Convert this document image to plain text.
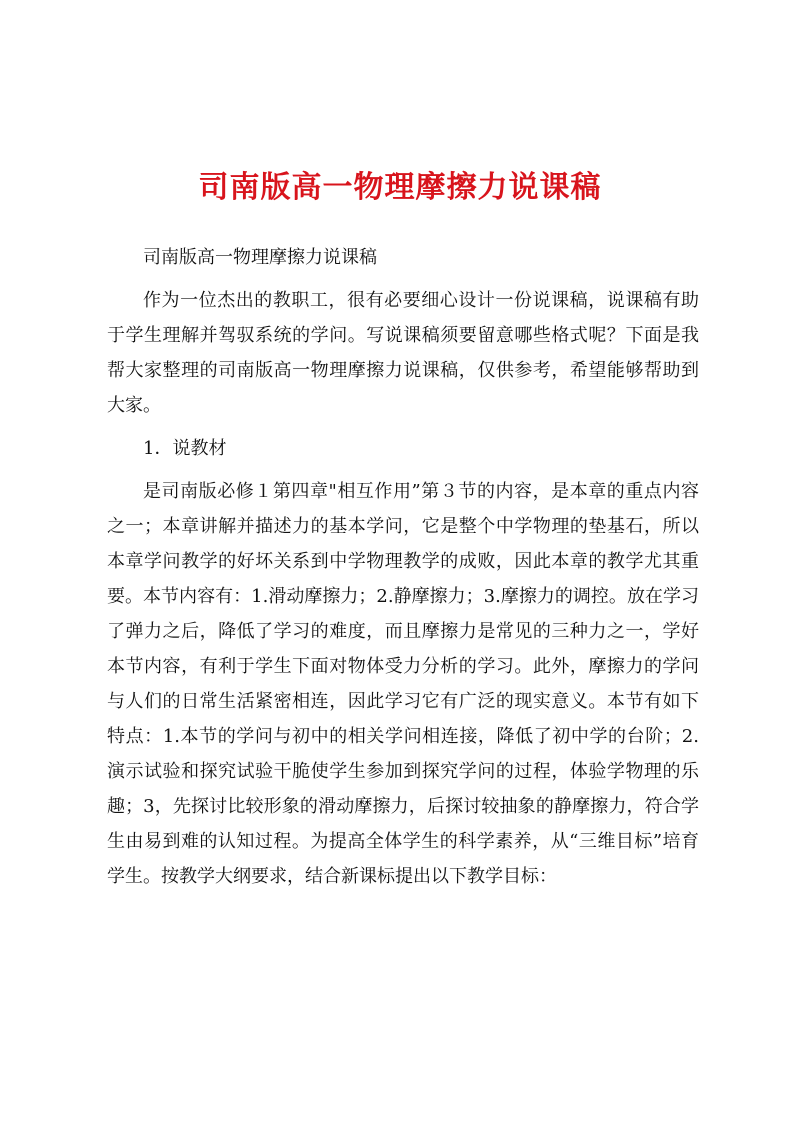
司南版高一物理摩擦力说课稿

司南版高一物理摩擦力说课稿

作为一位杰出的教职工，很有必要细心设计一份说课稿，说课稿有助于学生理解并驾驭系统的学问。写说课稿须要留意哪些格式呢？下面是我帮大家整理的司南版高一物理摩擦力说课稿，仅供参考，希望能够帮助到大家。

1．说教材

是司南版必修１第四章"相互作用”第３节的内容，是本章的重点内容之一；本章讲解并描述力的基本学问，它是整个中学物理的垫基石，所以本章学问教学的好坏关系到中学物理教学的成败，因此本章的教学尤其重要。本节内容有：1.滑动摩擦力；2.静摩擦力；3.摩擦力的调控。放在学习了弹力之后，降低了学习的难度，而且摩擦力是常见的三种力之一，学好本节内容，有利于学生下面对物体受力分析的学习。此外，摩擦力的学问与人们的日常生活紧密相连，因此学习它有广泛的现实意义。本节有如下特点：1.本节的学问与初中的相关学问相连接，降低了初中学的台阶；2.演示试验和探究试验干脆使学生参加到探究学问的过程，体验学物理的乐趣；3，先探讨比较形象的滑动摩擦力，后探讨较抽象的静摩擦力，符合学生由易到难的认知过程。为提高全体学生的科学素养，从“三维目标”培育学生。按教学大纲要求，结合新课标提出以下教学目标：
